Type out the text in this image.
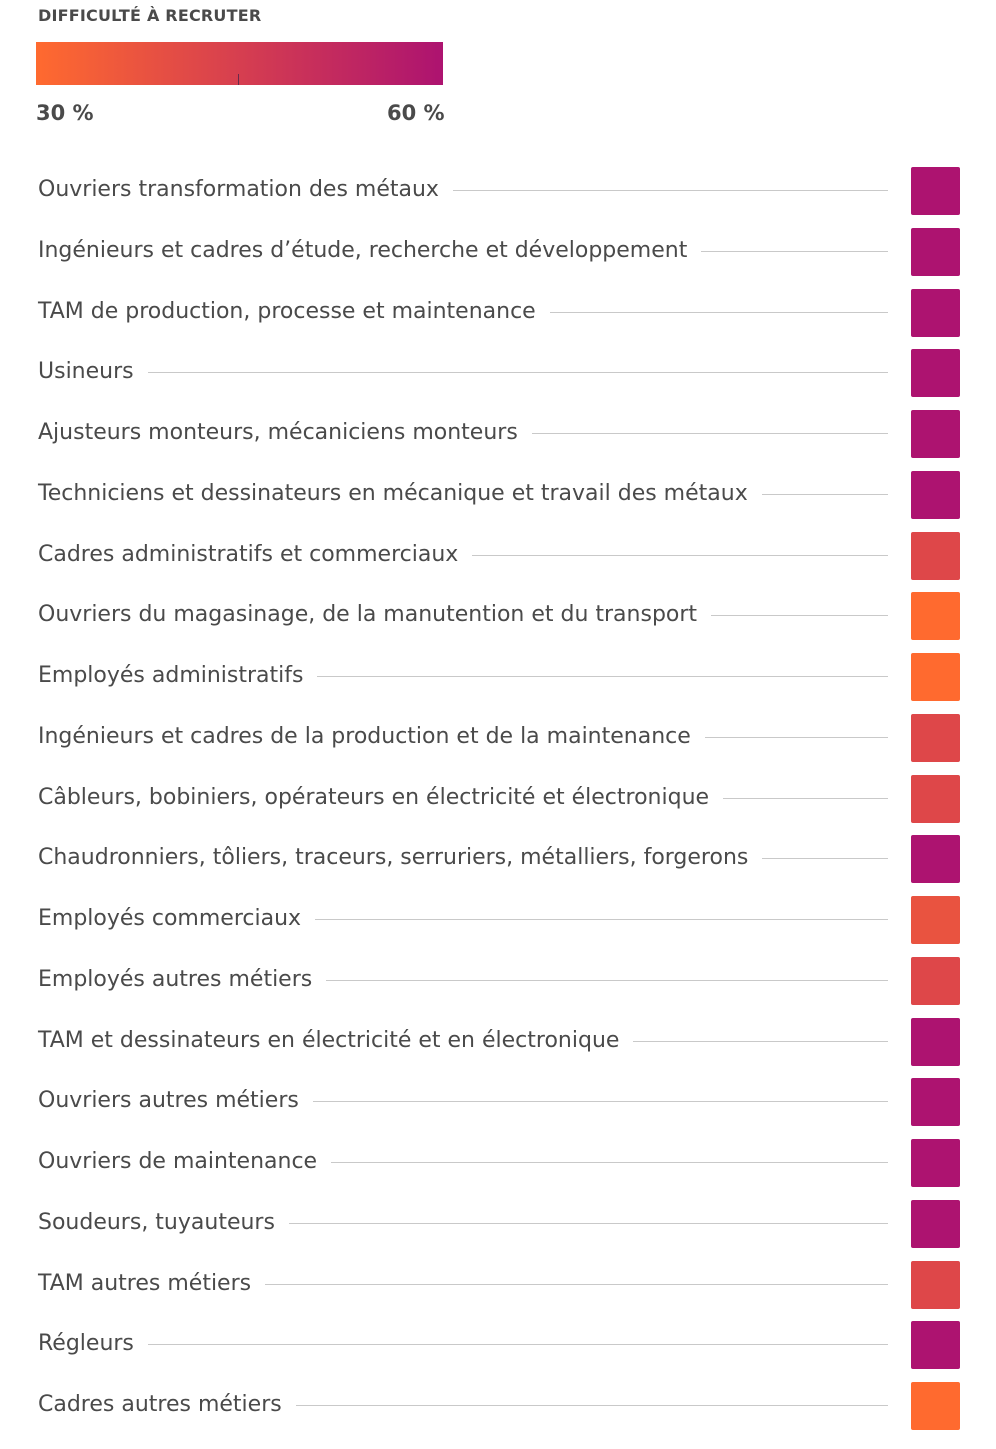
DIFFICULTÉ À RECRUTER
30 %	60 %
Ouvriers transformation des métaux
Ingénieurs et cadres d’étude, recherche et développement
TAM de production, processe et maintenance
Usineurs
Ajusteurs monteurs, mécaniciens monteurs
Techniciens et dessinateurs en mécanique et travail des métaux
Cadres administratifs et commerciaux
Ouvriers du magasinage, de la manutention et du transport
Employés administratifs
Ingénieurs et cadres de la production et de la maintenance
Câbleurs, bobiniers, opérateurs en électricité et électronique
Chaudronniers, tôliers, traceurs, serruriers, métalliers, forgerons
Employés commerciaux
Employés autres métiers
TAM et dessinateurs en électricité et en électronique
Ouvriers autres métiers
Ouvriers de maintenance
Soudeurs, tuyauteurs
TAM autres métiers
Régleurs
Cadres autres métiers
